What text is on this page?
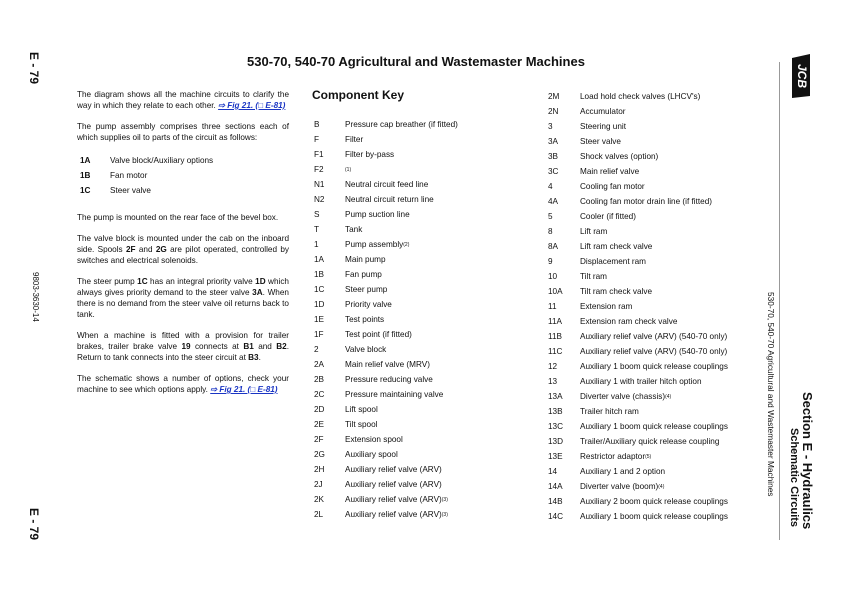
E - 79
9803-3630-14
E - 79
530-70, 540-70 Agricultural and Wastemaster Machines

The diagram shows all the machine circuits to clarify the way in which they relate to each other. ⇨ Fig 21. (□ E-81)

The pump assembly comprises three sections each of which supplies oil to parts of the circuit as follows:

1A	Valve block/Auxiliary options
1B	Fan motor
1C	Steer valve

The pump is mounted on the rear face of the bevel box.

The valve block is mounted under the cab on the inboard side. Spools 2F and 2G are pilot operated, controlled by switches and electrical solenoids.

The steer pump 1C has an integral priority valve 1D which always gives priority demand to the steer valve 3A. When there is no demand from the steer valve oil returns back to tank.

When a machine is fitted with a provision for trailer brakes, trailer brake valve 19 connects at B1 and B2. Return to tank connects into the steer circuit at B3.

The schematic shows a number of options, check your machine to see which options apply. ⇨ Fig 21. (□ E-81)

Component Key
B	Pressure cap breather (if fitted)
F	Filter
F1	Filter by-pass
F2	(1)
N1	Neutral circuit feed line
N2	Neutral circuit return line
S	Pump suction line
T	Tank
1	Pump assembly (2)
1A	Main pump
1B	Fan pump
1C	Steer pump
1D	Priority valve
1E	Test points
1F	Test point (if fitted)
2	Valve block
2A	Main relief valve (MRV)
2B	Pressure reducing valve
2C	Pressure maintaining valve
2D	Lift spool
2E	Tilt spool
2F	Extension spool
2G	Auxiliary spool
2H	Auxiliary relief valve (ARV)
2J	Auxiliary relief valve (ARV)
2K	Auxiliary relief valve (ARV) (3)
2L	Auxiliary relief valve (ARV) (3)
2M	Load hold check valves (LHCV's)
2N	Accumulator
3	Steering unit
3A	Steer valve
3B	Shock valves (option)
3C	Main relief valve
4	Cooling fan motor
4A	Cooling fan motor drain line (if fitted)
5	Cooler (if fitted)
8	Lift ram
8A	Lift ram check valve
9	Displacement ram
10	Tilt ram
10A	Tilt ram check valve
11	Extension ram
11A	Extension ram check valve
11B	Auxiliary relief valve (ARV) (540-70 only)
11C	Auxiliary relief valve (ARV) (540-70 only)
12	Auxiliary 1 boom quick release couplings
13	Auxiliary 1 with trailer hitch option
13A	Diverter valve (chassis) (4)
13B	Trailer hitch ram
13C	Auxiliary 1 boom quick release couplings
13D	Trailer/Auxiliary quick release coupling
13E	Restrictor adaptor (5)
14	Auxiliary 1 and 2 option
14A	Diverter valve (boom) (4)
14B	Auxiliary 2 boom quick release couplings
14C	Auxiliary 1 boom quick release couplings
JCB
Section E - Hydraulics
Schematic Circuits
530-70, 540-70 Agricultural and Wastemaster Machines
